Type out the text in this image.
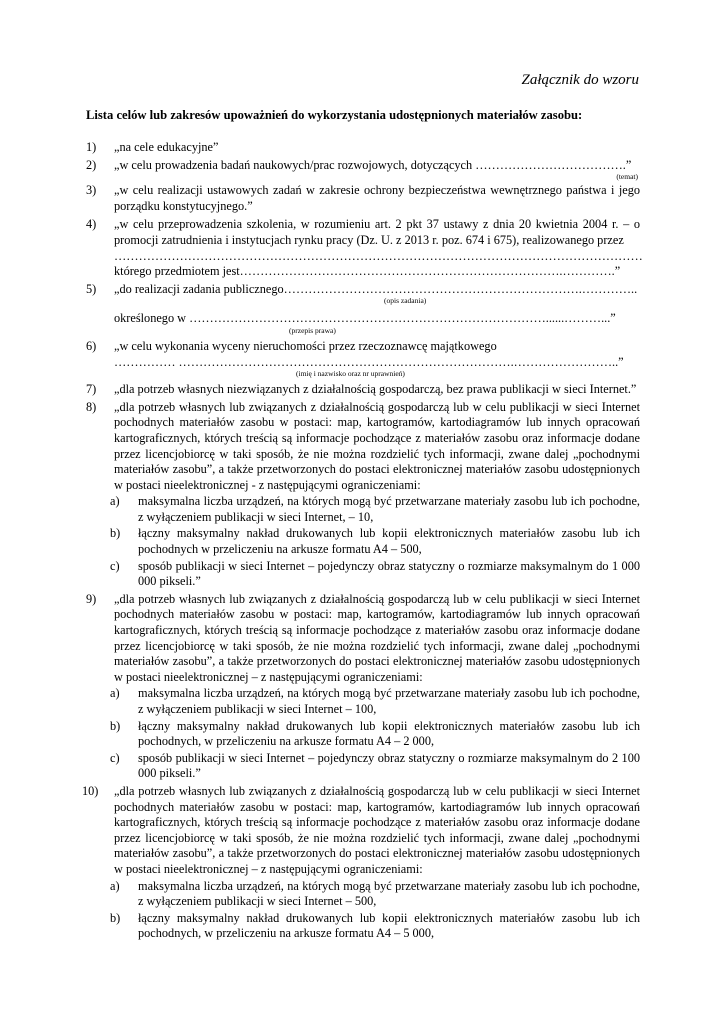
Załącznik do wzoru
Lista celów lub zakresów upoważnień do wykorzystania udostępnionych materiałów zasobu:
1) „na cele edukacyjne”
2) „w celu prowadzenia badań naukowych/prac rozwojowych, dotyczących ……………………………….”
(temat)
3) „w celu realizacji ustawowych zadań w zakresie ochrony bezpieczeństwa wewnętrznego państwa i jego porządku konstytucyjnego.”
4) „w celu przeprowadzenia szkolenia, w rozumieniu art. 2 pkt 37 ustawy z dnia 20 kwietnia 2004 r. – o promocji zatrudnienia i instytucjach rynku pracy (Dz. U. z 2013 r. poz. 674 i 675), realizowanego przez
…………………………………………………………………………………………………………………
którego przedmiotem jest…………………………………………………………………….………….”
5) „do realizacji zadania publicznego……………………………………………………………….…………..
(opis zadania)
określonego w ……………………………………………………………………………......………...”
(przepis prawa)
6) „w celu wykonania wyceny nieruchomości przez rzeczoznawcę majątkowego
…………… ……………………………………………………………………….……………………..”
(imię i nazwisko oraz nr uprawnień)
7) „dla potrzeb własnych niezwiązanych z działalnością gospodarczą, bez prawa publikacji w sieci Internet.”
8) „dla potrzeb własnych lub związanych z działalnością gospodarczą lub w celu publikacji w sieci Internet pochodnych materiałów zasobu w postaci: map, kartogramów, kartodiagramów lub innych opracowań kartograficznych, których treścią są informacje pochodzące z materiałów zasobu oraz informacje dodane przez licencjobiorcę w taki sposób, że nie można rozdzielić tych informacji, zwane dalej „pochodnymi materiałów zasobu”, a także przetworzonych do postaci elektronicznej materiałów zasobu udostępnionych w postaci nieelektronicznej - z następującymi ograniczeniami:
a) maksymalna liczba urządzeń, na których mogą być przetwarzane materiały zasobu lub ich pochodne, z wyłączeniem publikacji w sieci Internet, – 10,
b) łączny maksymalny nakład drukowanych lub kopii elektronicznych materiałów zasobu lub ich pochodnych w przeliczeniu na arkusze formatu A4 – 500,
c) sposób publikacji w sieci Internet – pojedynczy obraz statyczny o rozmiarze maksymalnym do 1 000 000 pikseli.”
9) „dla potrzeb własnych lub związanych z działalnością gospodarczą lub w celu publikacji w sieci Internet pochodnych materiałów zasobu w postaci: map, kartogramów, kartodiagramów lub innych opracowań kartograficznych, których treścią są informacje pochodzące z materiałów zasobu oraz informacje dodane przez licencjobiorcę w taki sposób, że nie można rozdzielić tych informacji, zwane dalej „pochodnymi materiałów zasobu”, a także przetworzonych do postaci elektronicznej materiałów zasobu udostępnionych w postaci nieelektronicznej – z następującymi ograniczeniami:
a) maksymalna liczba urządzeń, na których mogą być przetwarzane materiały zasobu lub ich pochodne, z wyłączeniem publikacji w sieci Internet – 100,
b) łączny maksymalny nakład drukowanych lub kopii elektronicznych materiałów zasobu lub ich pochodnych, w przeliczeniu na arkusze formatu A4 – 2 000,
c) sposób publikacji w sieci Internet – pojedynczy obraz statyczny o rozmiarze maksymalnym do 2 100 000 pikseli.”
10) „dla potrzeb własnych lub związanych z działalnością gospodarczą lub w celu publikacji w sieci Internet pochodnych materiałów zasobu w postaci: map, kartogramów, kartodiagramów lub innych opracowań kartograficznych, których treścią są informacje pochodzące z materiałów zasobu oraz informacje dodane przez licencjobiorcę w taki sposób, że nie można rozdzielić tych informacji, zwane dalej „pochodnymi materiałów zasobu”, a także przetworzonych do postaci elektronicznej materiałów zasobu udostępnionych w postaci nieelektronicznej – z następującymi ograniczeniami:
a) maksymalna liczba urządzeń, na których mogą być przetwarzane materiały zasobu lub ich pochodne, z wyłączeniem publikacji w sieci Internet – 500,
b) łączny maksymalny nakład drukowanych lub kopii elektronicznych materiałów zasobu lub ich pochodnych, w przeliczeniu na arkusze formatu A4 – 5 000,
